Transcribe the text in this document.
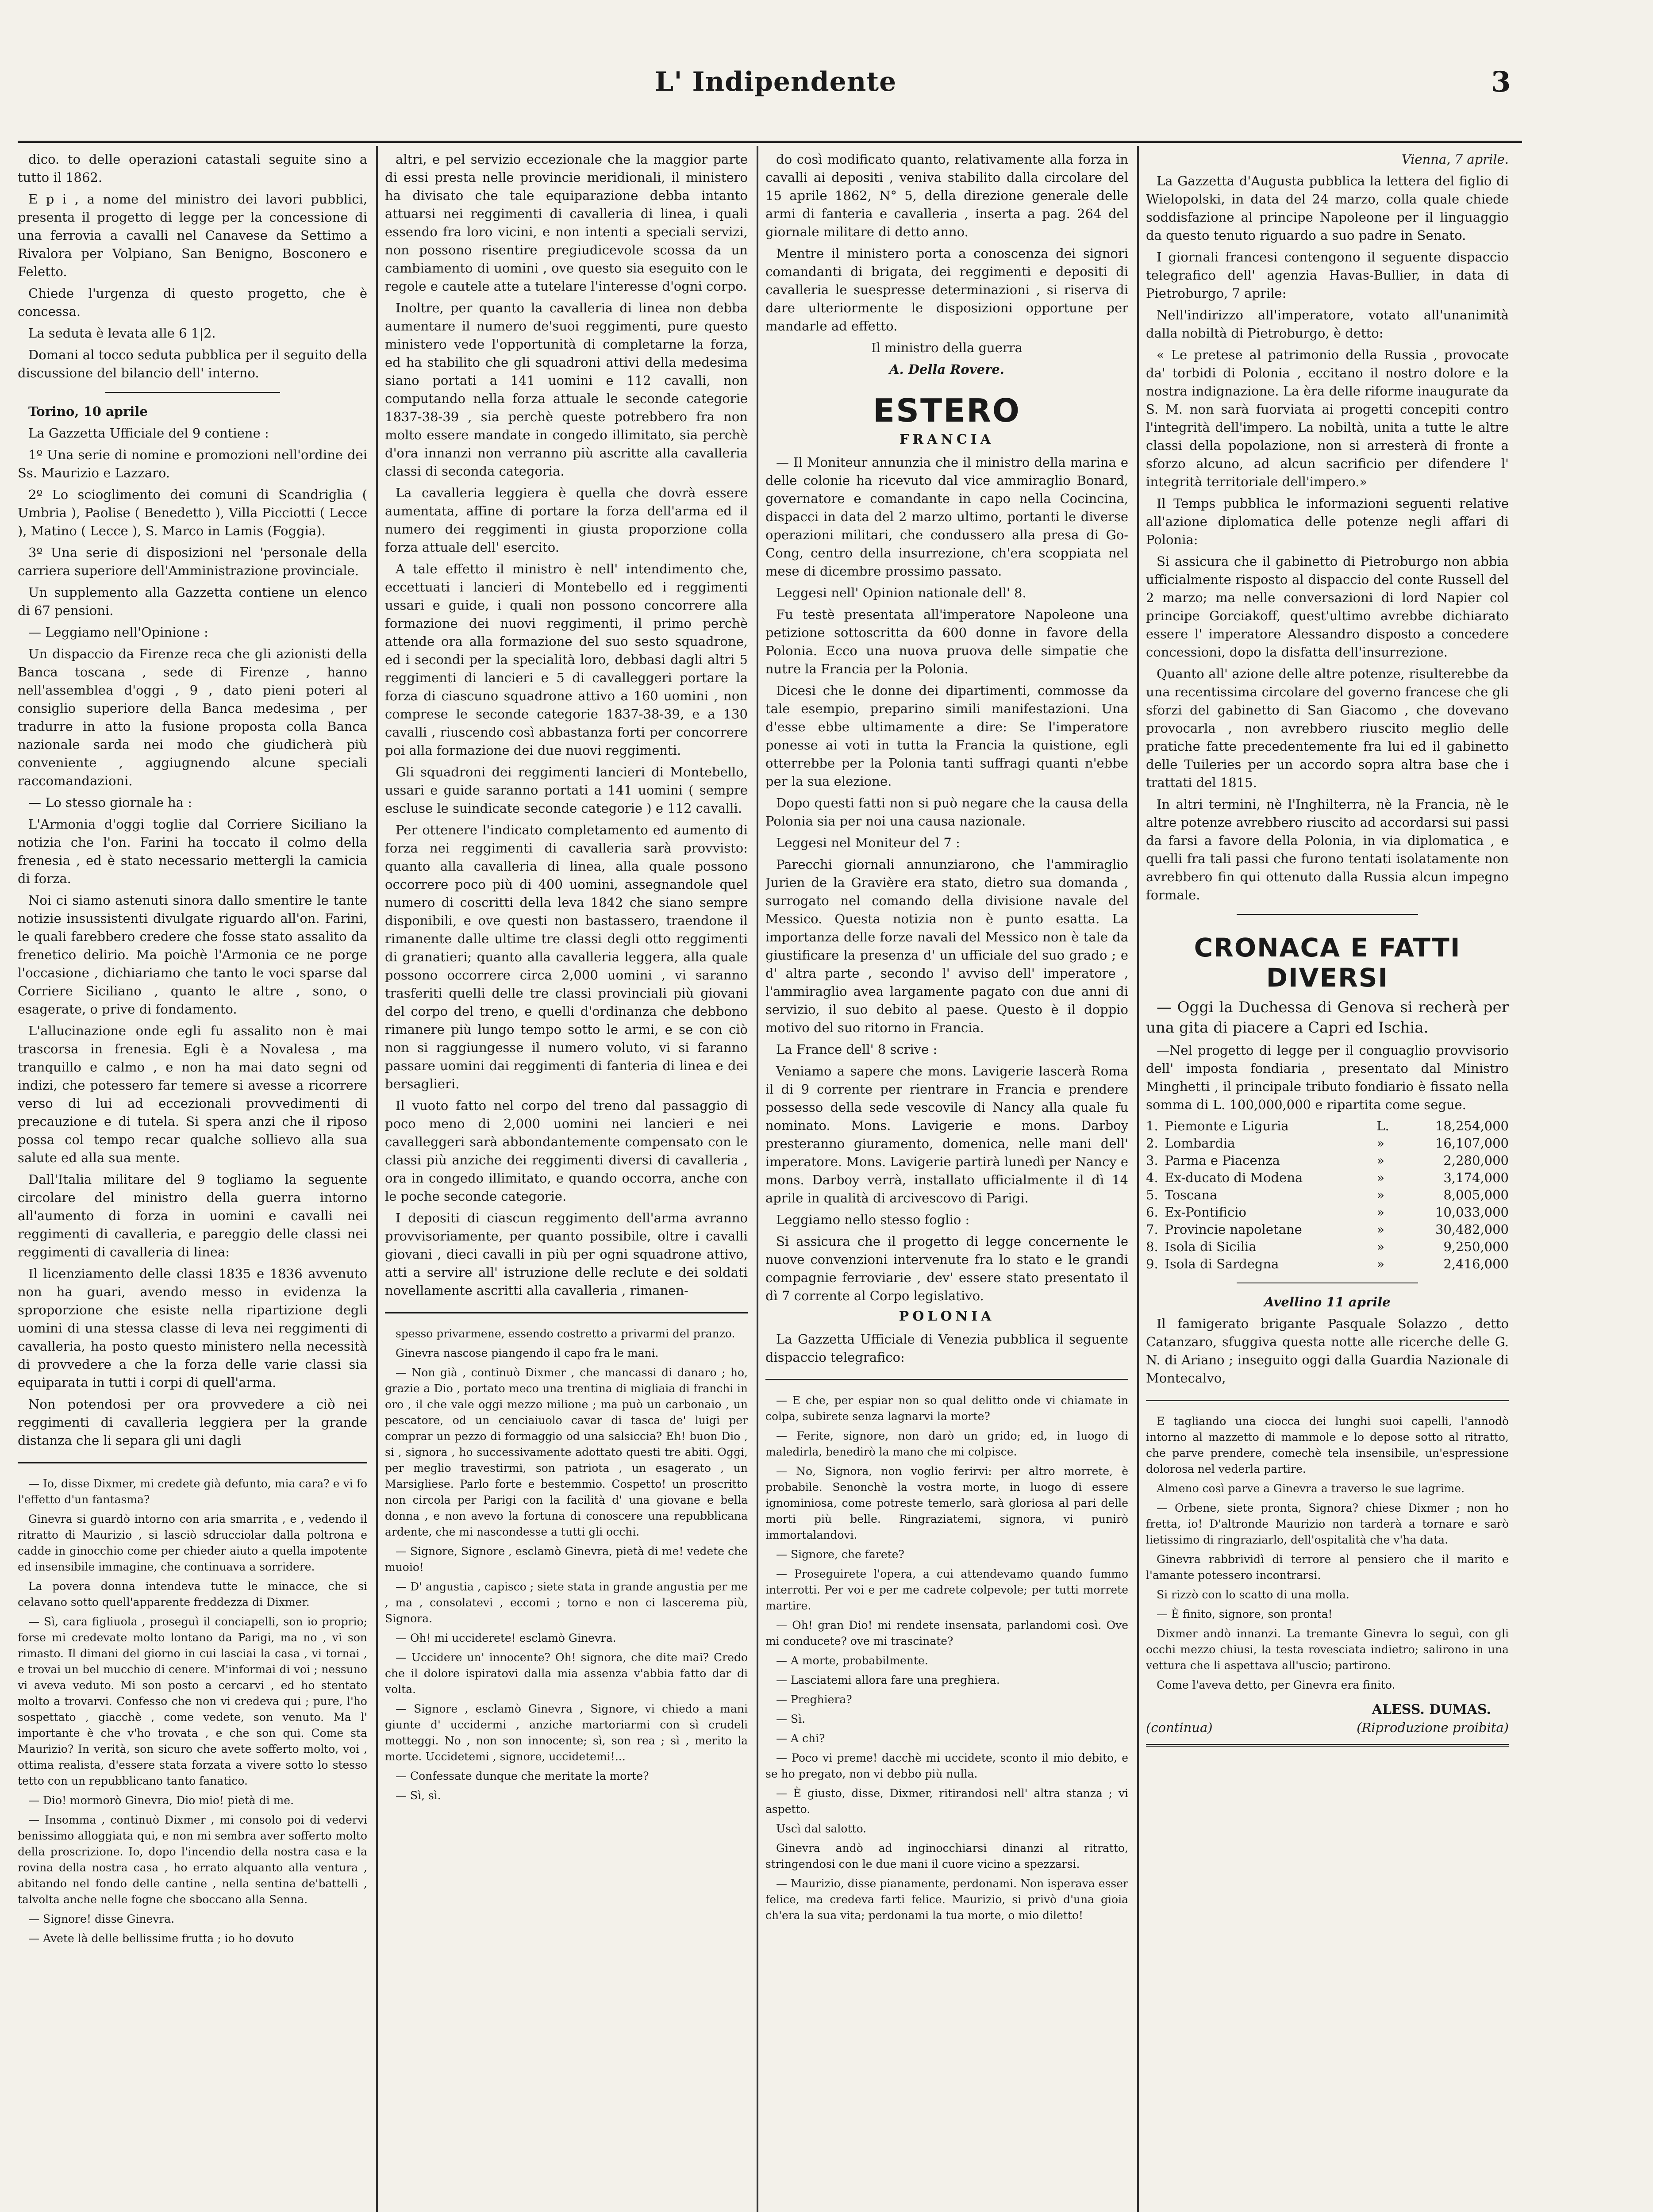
L' Indipendente	3

dico. to delle operazioni catastali seguite sino a tutto il 1862.

E p i , a nome del ministro dei lavori pubblici, presenta il progetto di legge per la concessione di una ferrovia a cavalli nel Canavese da Settimo a Rivalora per Volpiano, San Benigno, Bosconero e Feletto.

Chiede l'urgenza di questo progetto, che è concessa.

La seduta è levata alle 6 1|2.

Domani al tocco seduta pubblica per il seguito della discussione del bilancio dell' interno.

Torino, 10 aprile

La Gazzetta Ufficiale del 9 contiene :

1º Una serie di nomine e promozioni nell'ordine dei Ss. Maurizio e Lazzaro.

2º Lo scioglimento dei comuni di Scandriglia ( Umbria ), Paolise ( Benedetto ), Villa Picciotti ( Lecce ), Matino ( Lecce ), S. Marco in Lamis (Foggia).

3º Una serie di disposizioni nel 'personale della carriera superiore dell'Amministrazione provinciale.

Un supplemento alla Gazzetta contiene un elenco di 67 pensioni.

— Leggiamo nell'Opinione :

Un dispaccio da Firenze reca che gli azionisti della Banca toscana , sede di Firenze , hanno nell'assemblea d'oggi , 9 , dato pieni poteri al consiglio superiore della Banca medesima , per tradurre in atto la fusione proposta colla Banca nazionale sarda nei modo che giudicherà più conveniente , aggiugnendo alcune speciali raccomandazioni.

— Lo stesso giornale ha :

L'Armonia d'oggi toglie dal Corriere Siciliano la notizia che l'on. Farini ha toccato il colmo della frenesia , ed è stato necessario mettergli la camicia di forza.

Noi ci siamo astenuti sinora dallo smentire le tante notizie insussistenti divulgate riguardo all'on. Farini, le quali farebbero credere che fosse stato assalito da frenetico delirio. Ma poichè l'Armonia ce ne porge l'occasione , dichiariamo che tanto le voci sparse dal Corriere Siciliano , quanto le altre , sono, o esagerate, o prive di fondamento.

L'allucinazione onde egli fu assalito non è mai trascorsa in frenesia. Egli è a Novalesa , ma tranquillo e calmo , e non ha mai dato segni od indizi, che potessero far temere si avesse a ricorrere verso di lui ad eccezionali provvedimenti di precauzione e di tutela. Si spera anzi che il riposo possa col tempo recar qualche sollievo alla sua salute ed alla sua mente.

Dall'Italia militare del 9 togliamo la seguente circolare del ministro della guerra intorno all'aumento di forza in uomini e cavalli nei reggimenti di cavalleria, e pareggio delle classi nei reggimenti di cavalleria di linea:

Il licenziamento delle classi 1835 e 1836 avvenuto non ha guari, avendo messo in evidenza la sproporzione che esiste nella ripartizione degli uomini di una stessa classe di leva nei reggimenti di cavalleria, ha posto questo ministero nella necessità di provvedere a che la forza delle varie classi sia equiparata in tutti i corpi di quell'arma.

Non potendosi per ora provvedere a ciò nei reggimenti di cavalleria leggiera per la grande distanza che li separa gli uni dagli

— Io, disse Dixmer, mi credete già defunto, mia cara? e vi fo l'effetto d'un fantasma?

Ginevra si guardò intorno con aria smarrita , e , vedendo il ritratto di Maurizio , si lasciò sdrucciolar dalla poltrona e cadde in ginocchio come per chieder aiuto a quella impotente ed insensibile immagine, che continuava a sorridere.

La povera donna intendeva tutte le minacce, che si celavano sotto quell'apparente freddezza di Dixmer.

— Sì, cara figliuola , proseguì il conciapelli, son io proprio; forse mi credevate molto lontano da Parigi, ma no , vi son rimasto. Il dimani del giorno in cui lasciai la casa , vi tornai , e trovai un bel mucchio di cenere. M'informai di voi ; nessuno vi aveva veduto. Mi son posto a cercarvi , ed ho stentato molto a trovarvi. Confesso che non vi credeva qui ; pure, l'ho sospettato , giacchè , come vedete, son venuto. Ma l' importante è che v'ho trovata , e che son qui. Come sta Maurizio? In verità, son sicuro che avete sofferto molto, voi , ottima realista, d'essere stata forzata a vivere sotto lo stesso tetto con un repubblicano tanto fanatico.

— Dio! mormorò Ginevra, Dio mio! pietà di me.

— Insomma , continuò Dixmer , mi consolo poi di vedervi benissimo alloggiata qui, e non mi sembra aver sofferto molto della proscrizione. Io, dopo l'incendio della nostra casa e la rovina della nostra casa , ho errato alquanto alla ventura , abitando nel fondo delle cantine , nella sentina de'battelli , talvolta anche nelle fogne che sboccano alla Senna.

— Signore! disse Ginevra.

— Avete là delle bellissime frutta ; io ho dovuto

altri, e pel servizio eccezionale che la maggior parte di essi presta nelle provincie meridionali, il ministero ha divisato che tale equiparazione debba intanto attuarsi nei reggimenti di cavalleria di linea, i quali essendo fra loro vicini, e non intenti a speciali servizi, non possono risentire pregiudicevole scossa da un cambiamento di uomini , ove questo sia eseguito con le regole e cautele atte a tutelare l'interesse d'ogni corpo.

Inoltre, per quanto la cavalleria di linea non debba aumentare il numero de'suoi reggimenti, pure questo ministero vede l'opportunità di completarne la forza, ed ha stabilito che gli squadroni attivi della medesima siano portati a 141 uomini e 112 cavalli, non computando nella forza attuale le seconde categorie 1837-38-39 , sia perchè queste potrebbero fra non molto essere mandate in congedo illimitato, sia perchè d'ora innanzi non verranno più ascritte alla cavalleria classi di seconda categoria.

La cavalleria leggiera è quella che dovrà essere aumentata, affine di portare la forza dell'arma ed il numero dei reggimenti in giusta proporzione colla forza attuale dell' esercito.

A tale effetto il ministro è nell' intendimento che, eccettuati i lancieri di Montebello ed i reggimenti ussari e guide, i quali non possono concorrere alla formazione dei nuovi reggimenti, il primo perchè attende ora alla formazione del suo sesto squadrone, ed i secondi per la specialità loro, debbasi dagli altri 5 reggimenti di lancieri e 5 di cavalleggeri portare la forza di ciascuno squadrone attivo a 160 uomini , non comprese le seconde categorie 1837-38-39, e a 130 cavalli , riuscendo così abbastanza forti per concorrere poi alla formazione dei due nuovi reggimenti.

Gli squadroni dei reggimenti lancieri di Montebello, ussari e guide saranno portati a 141 uomini ( sempre escluse le suindicate seconde categorie ) e 112 cavalli.

Per ottenere l'indicato completamento ed aumento di forza nei reggimenti di cavalleria sarà provvisto: quanto alla cavalleria di linea, alla quale possono occorrere poco più di 400 uomini, assegnandole quel numero di coscritti della leva 1842 che siano sempre disponibili, e ove questi non bastassero, traendone il rimanente dalle ultime tre classi degli otto reggimenti di granatieri; quanto alla cavalleria leggera, alla quale possono occorrere circa 2,000 uomini , vi saranno trasferiti quelli delle tre classi provinciali più giovani del corpo del treno, e quelli d'ordinanza che debbono rimanere più lungo tempo sotto le armi, e se con ciò non si raggiungesse il numero voluto, vi si faranno passare uomini dai reggimenti di fanteria di linea e dei bersaglieri.

Il vuoto fatto nel corpo del treno dal passaggio di poco meno di 2,000 uomini nei lancieri e nei cavalleggeri sarà abbondantemente compensato con le classi più anziche dei reggimenti diversi di cavalleria , ora in congedo illimitato, e quando occorra, anche con le poche seconde categorie.

I depositi di ciascun reggimento dell'arma avranno provvisoriamente, per quanto possibile, oltre i cavalli giovani , dieci cavalli in più per ogni squadrone attivo, atti a servire all' istruzione delle reclute e dei soldati novellamente ascritti alla cavalleria , rimanen-

spesso privarmene, essendo costretto a privarmi del pranzo.

Ginevra nascose piangendo il capo fra le mani.

— Non già , continuò Dixmer , che mancassi di danaro ; ho, grazie a Dio , portato meco una trentina di migliaia di franchi in oro , il che vale oggi mezzo milione ; ma può un carbonaio , un pescatore, od un cenciaiuolo cavar di tasca de' luigi per comprar un pezzo di formaggio od una salsiccia? Eh! buon Dio , si , signora , ho successivamente adottato questi tre abiti. Oggi, per meglio travestirmi, son patriota , un esagerato , un Marsigliese. Parlo forte e bestemmio. Cospetto! un proscritto non circola per Parigi con la facilità d' una giovane e bella donna , e non avevo la fortuna di conoscere una repubblicana ardente, che mi nascondesse a tutti gli occhi.

— Signore, Signore , esclamò Ginevra, pietà di me! vedete che muoio!

— D' angustia , capisco ; siete stata in grande angustia per me , ma , consolatevi , eccomi ; torno e non ci lascerema più, Signora.

— Oh! mi ucciderete! esclamò Ginevra.

— Uccidere un' innocente? Oh! signora, che dite mai? Credo che il dolore ispiratovi dalla mia assenza v'abbia fatto dar di volta.

— Signore , esclamò Ginevra , Signore, vi chiedo a mani giunte d' uccidermi , anziche martoriarmi con sì crudeli motteggi. No , non son innocente; sì, son rea ; sì , merito la morte. Uccidetemi , signore, uccidetemi!...

— Confessate dunque che meritate la morte?

— Sì, sì.

do così modificato quanto, relativamente alla forza in cavalli ai depositi , veniva stabilito dalla circolare del 15 aprile 1862, N° 5, della direzione generale delle armi di fanteria e cavalleria , inserta a pag. 264 del giornale militare di detto anno.

Mentre il ministero porta a conoscenza dei signori comandanti di brigata, dei reggimenti e depositi di cavalleria le suespresse determinazioni , si riserva di dare ulteriormente le disposizioni opportune per mandarle ad effetto.

Il ministro della guerra

A. Della Rovere.

ESTERO
FRANCIA

— Il Moniteur annunzia che il ministro della marina e delle colonie ha ricevuto dal vice ammiraglio Bonard, governatore e comandante in capo nella Cocincina, dispacci in data del 2 marzo ultimo, portanti le diverse operazioni militari, che condussero alla presa di Go-Cong, centro della insurrezione, ch'era scoppiata nel mese di dicembre prossimo passato.

Leggesi nell' Opinion nationale dell' 8.

Fu testè presentata all'imperatore Napoleone una petizione sottoscritta da 600 donne in favore della Polonia. Ecco una nuova pruova delle simpatie che nutre la Francia per la Polonia.

Dicesi che le donne dei dipartimenti, commosse da tale esempio, preparino simili manifestazioni. Una d'esse ebbe ultimamente a dire: Se l'imperatore ponesse ai voti in tutta la Francia la quistione, egli otterrebbe per la Polonia tanti suffragi quanti n'ebbe per la sua elezione.

Dopo questi fatti non si può negare che la causa della Polonia sia per noi una causa nazionale.

Leggesi nel Moniteur del 7 :

Parecchi giornali annunziarono, che l'ammiraglio Jurien de la Gravière era stato, dietro sua domanda , surrogato nel comando della divisione navale del Messico. Questa notizia non è punto esatta. La importanza delle forze navali del Messico non è tale da giustificare la presenza d' un ufficiale del suo grado ; e d' altra parte , secondo l' avviso dell' imperatore , l'ammiraglio avea largamente pagato con due anni di servizio, il suo debito al paese. Questo è il doppio motivo del suo ritorno in Francia.

La France dell' 8 scrive :

Veniamo a sapere che mons. Lavigerie lascerà Roma il di 9 corrente per rientrare in Francia e prendere possesso della sede vescovile di Nancy alla quale fu nominato. Mons. Lavigerie e mons. Darboy presteranno giuramento, domenica, nelle mani dell' imperatore. Mons. Lavigerie partirà lunedì per Nancy e mons. Darboy verrà, installato ufficialmente il dì 14 aprile in qualità di arcivescovo di Parigi.

Leggiamo nello stesso foglio :

Si assicura che il progetto di legge concernente le nuove convenzioni intervenute fra lo stato e le grandi compagnie ferroviarie , dev' essere stato presentato il dì 7 corrente al Corpo legislativo.

POLONIA

La Gazzetta Ufficiale di Venezia pubblica il seguente dispaccio telegrafico:

— E che, per espiar non so qual delitto onde vi chiamate in colpa, subirete senza lagnarvi la morte?

— Ferite, signore, non darò un grido; ed, in luogo di maledirla, benedirò la mano che mi colpisce.

— No, Signora, non voglio ferirvi: per altro morrete, è probabile. Senonchè la vostra morte, in luogo di essere ignominiosa, come potreste temerlo, sarà gloriosa al pari delle morti più belle. Ringraziatemi, signora, vi punirò immortalandovi.

— Signore, che farete?

— Proseguirete l'opera, a cui attendevamo quando fummo interrotti. Per voi e per me cadrete colpevole; per tutti morrete martire.

— Oh! gran Dio! mi rendete insensata, parlandomi così. Ove mi conducete? ove mi trascinate?

— A morte, probabilmente.

— Lasciatemi allora fare una preghiera.

— Preghiera?

— Sì.

— A chi?

— Poco vi preme! dacchè mi uccidete, sconto il mio debito, e se ho pregato, non vi debbo più nulla.

— È giusto, disse, Dixmer, ritirandosi nell' altra stanza ; vi aspetto.

Uscì dal salotto.

Ginevra andò ad inginocchiarsi dinanzi al ritratto, stringendosi con le due mani il cuore vicino a spezzarsi.

— Maurizio, disse pianamente, perdonami. Non isperava esser felice, ma credeva farti felice. Maurizio, si privò d'una gioia ch'era la sua vita; perdonami la tua morte, o mio diletto!

Vienna, 7 aprile.

La Gazzetta d'Augusta pubblica la lettera del figlio di Wielopolski, in data del 24 marzo, colla quale chiede soddisfazione al principe Napoleone per il linguaggio da questo tenuto riguardo a suo padre in Senato.

I giornali francesi contengono il seguente dispaccio telegrafico dell' agenzia Havas-Bullier, in data di Pietroburgo, 7 aprile:

Nell'indirizzo all'imperatore, votato all'unanimità dalla nobiltà di Pietroburgo, è detto:

« Le pretese al patrimonio della Russia , provocate da' torbidi di Polonia , eccitano il nostro dolore e la nostra indignazione. La èra delle riforme inaugurate da S. M. non sarà fuorviata ai progetti concepiti contro l'integrità dell'impero. La nobiltà, unita a tutte le altre classi della popolazione, non si arresterà di fronte a sforzo alcuno, ad alcun sacrificio per difendere l' integrità territoriale dell'impero.»

Il Temps pubblica le informazioni seguenti relative all'azione diplomatica delle potenze negli affari di Polonia:

Si assicura che il gabinetto di Pietroburgo non abbia ufficialmente risposto al dispaccio del conte Russell del 2 marzo; ma nelle conversazioni di lord Napier col principe Gorciakoff, quest'ultimo avrebbe dichiarato essere l' imperatore Alessandro disposto a concedere concessioni, dopo la disfatta dell'insurrezione.

Quanto all' azione delle altre potenze, risulterebbe da una recentissima circolare del governo francese che gli sforzi del gabinetto di San Giacomo , che dovevano provocarla , non avrebbero riuscito meglio delle pratiche fatte precedentemente fra lui ed il gabinetto delle Tuileries per un accordo sopra altra base che i trattati del 1815.

In altri termini, nè l'Inghilterra, nè la Francia, nè le altre potenze avrebbero riuscito ad accordarsi sui passi da farsi a favore della Polonia, in via diplomatica , e quelli fra tali passi che furono tentati isolatamente non avrebbero fin qui ottenuto dalla Russia alcun impegno formale.

CRONACA E FATTI DIVERSI

— Oggi la Duchessa di Genova si recherà per una gita di piacere a Capri ed Ischia.

—Nel progetto di legge per il conguaglio provvisorio dell' imposta fondiaria , presentato dal Ministro Minghetti , il principale tributo fondiario è fissato nella somma di L. 100,000,000 e ripartita come segue.

1.	Piemonte e Liguria	L.	18,254,000
2.	Lombardia	»	16,107,000
3.	Parma e Piacenza	»	2,280,000
4.	Ex-ducato di Modena	»	3,174,000
5.	Toscana	»	8,005,000
6.	Ex-Pontificio	»	10,033,000
7.	Provincie napoletane	»	30,482,000
8.	Isola di Sicilia	»	9,250,000
9.	Isola di Sardegna	»	2,416,000

Avellino 11 aprile

Il famigerato brigante Pasquale Solazzo , detto Catanzaro, sfuggiva questa notte alle ricerche delle G. N. di Ariano ; inseguito oggi dalla Guardia Nazionale di Montecalvo,

E tagliando una ciocca dei lunghi suoi capelli, l'annodò intorno al mazzetto di mammole e lo depose sotto al ritratto, che parve prendere, comechè tela insensibile, un'espressione dolorosa nel vederla partire.

Almeno così parve a Ginevra a traverso le sue lagrime.

— Orbene, siete pronta, Signora? chiese Dixmer ; non ho fretta, io! D'altronde Maurizio non tarderà a tornare e sarò lietissimo di ringraziarlo, dell'ospitalità che v'ha data.

Ginevra rabbrividì di terrore al pensiero che il marito e l'amante potessero incontrarsi.

Si rizzò con lo scatto di una molla.

— È finito, signore, son pronta!

Dixmer andò innanzi. La tremante Ginevra lo seguì, con gli occhi mezzo chiusi, la testa rovesciata indietro; salirono in una vettura che li aspettava all'uscio; partirono.

Come l'aveva detto, per Ginevra era finito.

ALESS. DUMAS.
(continua)	(Riproduzione proibita)
